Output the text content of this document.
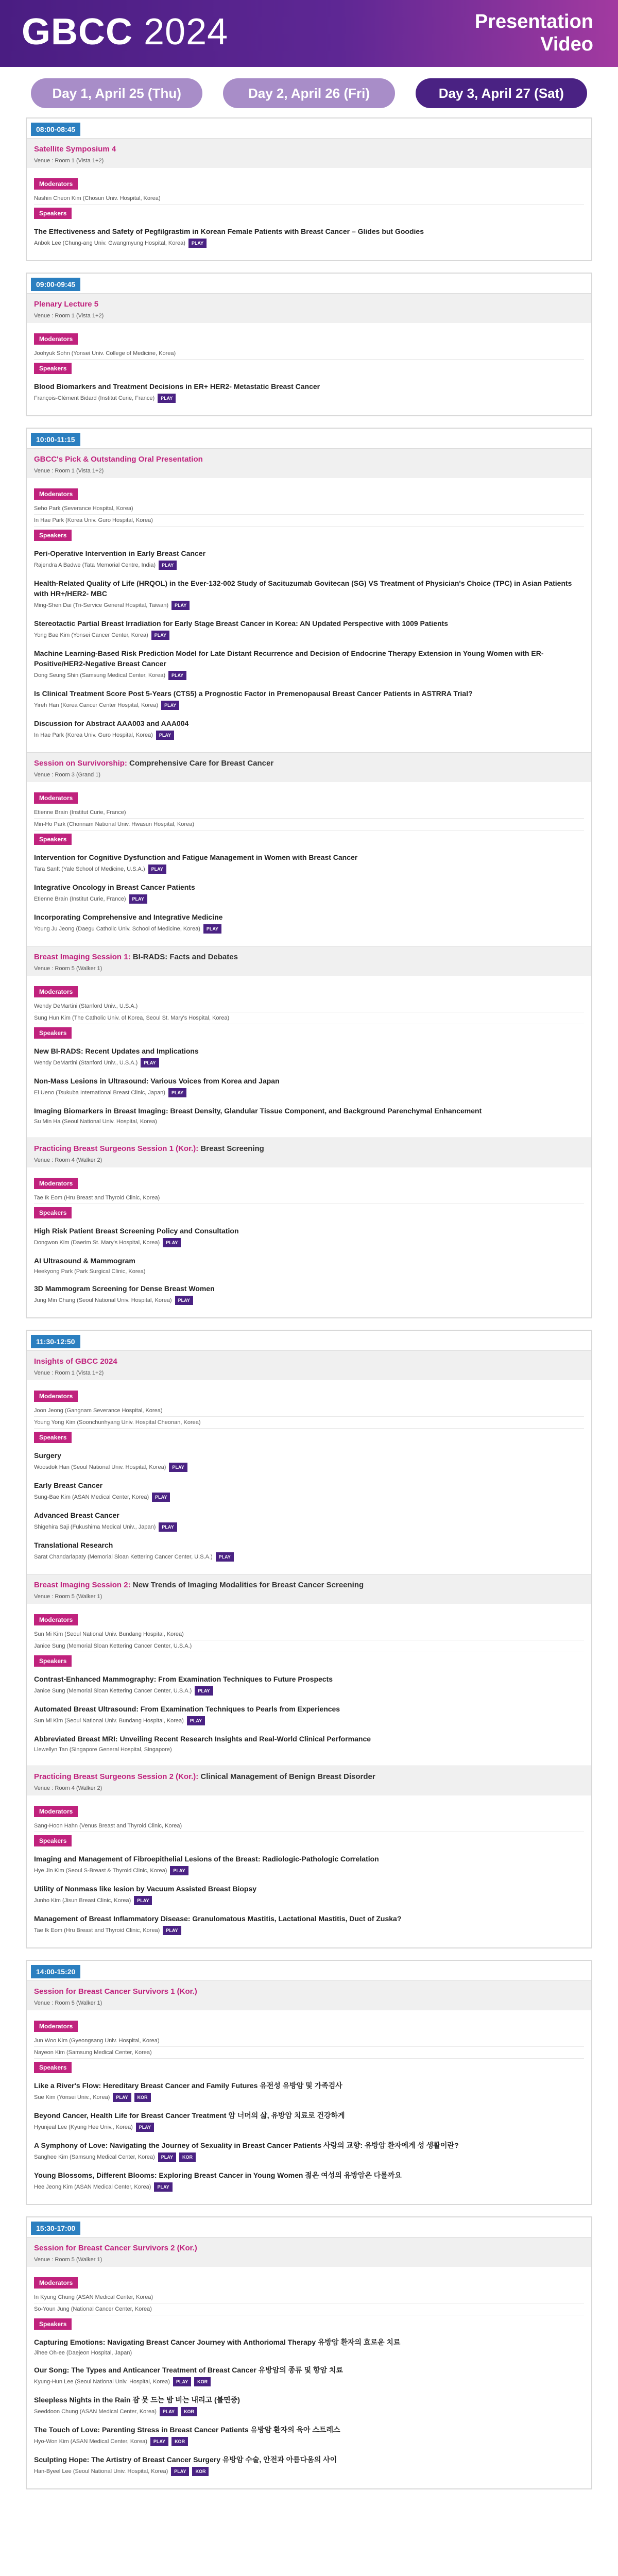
GBCC 2024	Presentation
Video
Day 1, April 25 (Thu)	Day 2, April 26 (Fri)	Day 3, April 27 (Sat)
08:00-08:45
Satellite Symposium 4
Venue : Room 1 (Vista 1+2)
Moderators
Nashin Cheon Kim (Chosun Univ. Hospital, Korea)
Speakers
The Effectiveness and Safety of Pegfilgrastim in Korean Female Patients with Breast Cancer – Glides but Goodies
Anbok Lee (Chung-ang Univ. Gwangmyung Hospital, Korea) PLAY
09:00-09:45
Plenary Lecture 5
Venue : Room 1 (Vista 1+2)
Moderators
Joohyuk Sohn (Yonsei Univ. College of Medicine, Korea)
Speakers
Blood Biomarkers and Treatment Decisions in ER+ HER2- Metastatic Breast Cancer
François-Clément Bidard (Institut Curie, France) PLAY
10:00-11:15
GBCC's Pick & Outstanding Oral Presentation
Venue : Room 1 (Vista 1+2)
Moderators
Seho Park (Severance Hospital, Korea)
In Hae Park (Korea Univ. Guro Hospital, Korea)
Speakers
Peri-Operative Intervention in Early Breast Cancer
Rajendra A Badwe (Tata Memorial Centre, India) PLAY
Health-Related Quality of Life (HRQOL) in the Ever-132-002 Study of Sacituzumab Govitecan (SG) VS Treatment of Physician's Choice (TPC) in Asian Patients with HR+/HER2- MBC
Ming-Shen Dai (Tri-Service General Hospital, Taiwan) PLAY
Stereotactic Partial Breast Irradiation for Early Stage Breast Cancer in Korea: AN Updated Perspective with 1009 Patients
Yong Bae Kim (Yonsei Cancer Center, Korea) PLAY
Machine Learning-Based Risk Prediction Model for Late Distant Recurrence and Decision of Endocrine Therapy Extension in Young Women with ER-Positive/HER2-Negative Breast Cancer
Dong Seung Shin (Samsung Medical Center, Korea) PLAY
Is Clinical Treatment Score Post 5-Years (CTS5) a Prognostic Factor in Premenopausal Breast Cancer Patients in ASTRRA Trial?
Yireh Han (Korea Cancer Center Hospital, Korea) PLAY
Discussion for Abstract AAA003 and AAA004
In Hae Park (Korea Univ. Guro Hospital, Korea) PLAY
Session on Survivorship: Comprehensive Care for Breast Cancer
Venue : Room 3 (Grand 1)
Moderators
Etienne Brain (Institut Curie, France)
Min-Ho Park (Chonnam National Univ. Hwasun Hospital, Korea)
Speakers
Intervention for Cognitive Dysfunction and Fatigue Management in Women with Breast Cancer
Tara Sanft (Yale School of Medicine, U.S.A.) PLAY
Integrative Oncology in Breast Cancer Patients
Etienne Brain (Institut Curie, France) PLAY
Incorporating Comprehensive and Integrative Medicine
Young Ju Jeong (Daegu Catholic Univ. School of Medicine, Korea) PLAY
Breast Imaging Session 1: BI-RADS: Facts and Debates
Venue : Room 5 (Walker 1)
Moderators
Wendy DeMartini (Stanford Univ., U.S.A.)
Sung Hun Kim (The Catholic Univ. of Korea, Seoul St. Mary's Hospital, Korea)
Speakers
New BI-RADS: Recent Updates and Implications
Wendy DeMartini (Stanford Univ., U.S.A.) PLAY
Non-Mass Lesions in Ultrasound: Various Voices from Korea and Japan
Ei Ueno (Tsukuba International Breast Clinic, Japan) PLAY
Imaging Biomarkers in Breast Imaging: Breast Density, Glandular Tissue Component, and Background Parenchymal Enhancement
Su Min Ha (Seoul National Univ. Hospital, Korea)
Practicing Breast Surgeons Session 1 (Kor.): Breast Screening
Venue : Room 4 (Walker 2)
Moderators
Tae Ik Eom (Hru Breast and Thyroid Clinic, Korea)
Speakers
High Risk Patient Breast Screening Policy and Consultation
Dongwon Kim (Daerim St. Mary's Hospital, Korea) PLAY
AI Ultrasound & Mammogram
Heekyong Park (Park Surgical Clinic, Korea)
3D Mammogram Screening for Dense Breast Women
Jung Min Chang (Seoul National Univ. Hospital, Korea) PLAY
11:30-12:50
Insights of GBCC 2024
Venue : Room 1 (Vista 1+2)
Moderators
Joon Jeong (Gangnam Severance Hospital, Korea)
Young Yong Kim (Soonchunhyang Univ. Hospital Cheonan, Korea)
Speakers
Surgery
Woosdok Han (Seoul National Univ. Hospital, Korea) PLAY
Early Breast Cancer
Sung-Bae Kim (ASAN Medical Center, Korea) PLAY
Advanced Breast Cancer
Shigehira Saji (Fukushima Medical Univ., Japan) PLAY
Translational Research
Sarat Chandarlapaty (Memorial Sloan Kettering Cancer Center, U.S.A.) PLAY
Breast Imaging Session 2: New Trends of Imaging Modalities for Breast Cancer Screening
Venue : Room 5 (Walker 1)
Moderators
Sun Mi Kim (Seoul National Univ. Bundang Hospital, Korea)
Janice Sung (Memorial Sloan Kettering Cancer Center, U.S.A.)
Speakers
Contrast-Enhanced Mammography: From Examination Techniques to Future Prospects
Janice Sung (Memorial Sloan Kettering Cancer Center, U.S.A.) PLAY
Automated Breast Ultrasound: From Examination Techniques to Pearls from Experiences
Sun Mi Kim (Seoul National Univ. Bundang Hospital, Korea) PLAY
Abbreviated Breast MRI: Unveiling Recent Research Insights and Real-World Clinical Performance
Llewellyn Tan (Singapore General Hospital, Singapore)
Practicing Breast Surgeons Session 2 (Kor.): Clinical Management of Benign Breast Disorder
Venue : Room 4 (Walker 2)
Moderators
Sang-Hoon Hahn (Venus Breast and Thyroid Clinic, Korea)
Speakers
Imaging and Management of Fibroepithelial Lesions of the Breast: Radiologic-Pathologic Correlation
Hye Jin Kim (Seoul S-Breast & Thyroid Clinic, Korea) PLAY
Utility of Nonmass like lesion by Vacuum Assisted Breast Biopsy
Junho Kim (Jisun Breast Clinic, Korea) PLAY
Management of Breast Inflammatory Disease: Granulomatous Mastitis, Lactational Mastitis, Duct of Zuska?
Tae Ik Eom (Hru Breast and Thyroid Clinic, Korea) PLAY
14:00-15:20
Session for Breast Cancer Survivors 1 (Kor.)
Venue : Room 5 (Walker 1)
Moderators
Jun Woo Kim (Gyeongsang Univ. Hospital, Korea)
Nayeon Kim (Samsung Medical Center, Korea)
Speakers
Like a River's Flow: Hereditary Breast Cancer and Family Futures 유전성 유방암 및 가족검사
Sue Kim (Yonsei Univ., Korea) PLAY KOR
Beyond Cancer, Health Life for Breast Cancer Treatment 암 너머의 삶, 유방암 치료로 건강하게
Hyunjeal Lee (Kyung Hee Univ., Korea) PLAY
A Symphony of Love: Navigating the Journey of Sexuality in Breast Cancer Patients 사랑의 교향: 유방암 환자에게 성 생활이란?
Sanghee Kim (Samsung Medical Center, Korea) PLAY KOR
Young Blossoms, Different Blooms: Exploring Breast Cancer in Young Women 젊은 여성의 유방암은 다를까요
Hee Jeong Kim (ASAN Medical Center, Korea) PLAY
15:30-17:00
Session for Breast Cancer Survivors 2 (Kor.)
Venue : Room 5 (Walker 1)
Moderators
In Kyung Chung (ASAN Medical Center, Korea)
So-Youn Jung (National Cancer Center, Korea)
Speakers
Capturing Emotions: Navigating Breast Cancer Journey with Anthoriomal Therapy 유방암 환자의 효로운 치료
Jihee Oh-ee (Daejeon Hospital, Japan)
Our Song: The Types and Anticancer Treatment of Breast Cancer 유방암의 종류 및 항암 치료
Kyung-Hun Lee (Seoul National Univ. Hospital, Korea) PLAY KOR
Sleepless Nights in the Rain 잠 못 드는 밤 비는 내리고 (불면증)
Seeddoon Chung (ASAN Medical Center, Korea) PLAY KOR
The Touch of Love: Parenting Stress in Breast Cancer Patients 유방암 환자의 육아 스트레스
Hyo-Won Kim (ASAN Medical Center, Korea) PLAY KOR
Sculpting Hope: The Artistry of Breast Cancer Surgery 유방암 수술, 안전과 아름다움의 사이
Han-Byeel Lee (Seoul National Univ. Hospital, Korea) PLAY KOR
